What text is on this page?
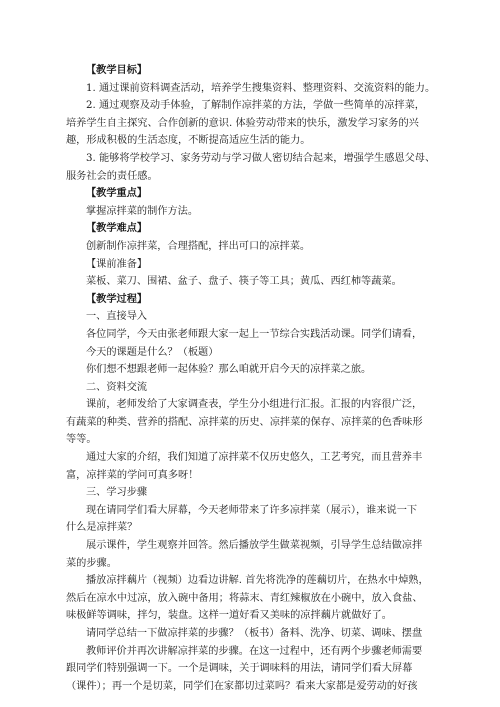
【教学目标】
1. 通过课前资料调查活动，培养学生搜集资料、整理资料、交流资料的能力。
2. 通过观察及动手体验，了解制作凉拌菜的方法，学做一些简单的凉拌菜，
培养学生自主探究、合作创新的意识. 体验劳动带来的快乐，激发学习家务的兴
趣，形成积极的生活态度，不断提高适应生活的能力。
3. 能够将学校学习、家务劳动与学习做人密切结合起来，增强学生感恩父母、
服务社会的责任感。
【教学重点】
掌握凉拌菜的制作方法。
【教学难点】
创新制作凉拌菜，合理搭配，拌出可口的凉拌菜。
【课前准备】
菜板、菜刀、围裙、盆子、盘子、筷子等工具；黄瓜、西红柿等蔬菜。
【教学过程】
一、直接导入
各位同学，今天由张老师跟大家一起上一节综合实践活动课。同学们请看，
今天的课题是什么？（板题）
你们想不想跟老师一起体验？那么咱就开启今天的凉拌菜之旅。
二、资料交流
课前，老师发给了大家调查表，学生分小组进行汇报。汇报的内容很广泛，
有蔬菜的种类、营养的搭配、凉拌菜的历史、凉拌菜的保存、凉拌菜的色香味形
等等。
通过大家的介绍，我们知道了凉拌菜不仅历史悠久，工艺考究，而且营养丰
富，凉拌菜的学问可真多呀！
三、学习步骤
现在请同学们看大屏幕，今天老师带来了许多凉拌菜（展示），谁来说一下
什么是凉拌菜？
展示课件，学生观察并回答。然后播放学生做菜视频，引导学生总结做凉拌
菜的步骤。
播放凉拌藕片（视频）边看边讲解. 首先将洗净的莲藕切片，在热水中焯熟，
然后在凉水中过凉，放入碗中备用；将蒜末、青红辣椒放在小碗中，放入食盐、
味极鲜等调味，拌匀，装盘。这样一道好看又美味的凉拌藕片就做好了。
请同学总结一下做凉拌菜的步骤？（板书）备料、洗净、切菜、调味、摆盘
教师评价并再次讲解凉拌菜的步骤。在这一过程中，还有两个步骤老师需要
跟同学们特别强调一下。一个是调味，关于调味料的用法，请同学们看大屏幕
（课件）；再一个是切菜，同学们在家都切过菜吗？看来大家都是爱劳动的好孩
